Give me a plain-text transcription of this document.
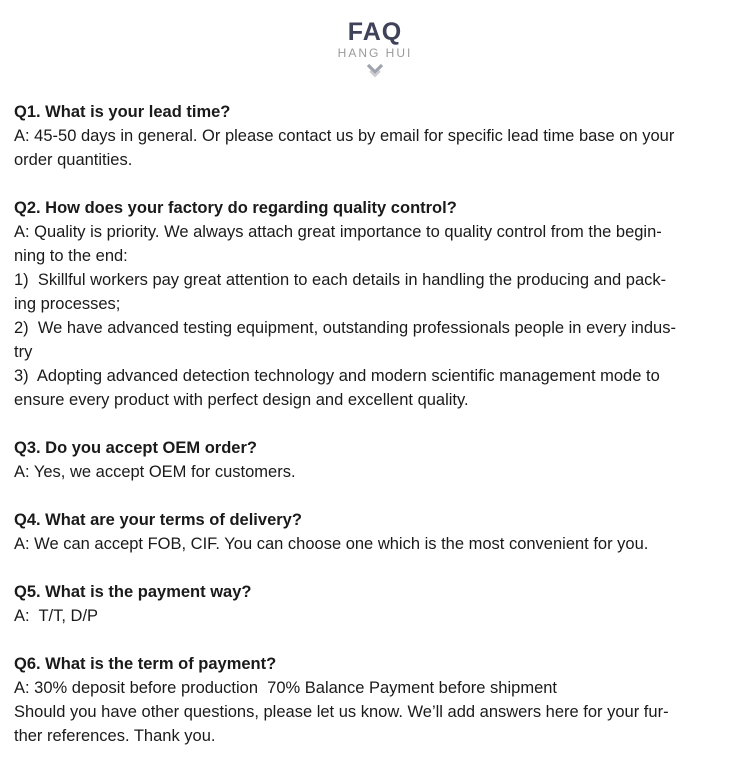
FAQ
HANG HUI

Q1. What is your lead time?

A: 45-50 days in general. Or please contact us by email for specific lead time base on your

order quantities.

Q2. How does your factory do regarding quality control?

A: Quality is priority. We always attach great importance to quality control from the begin-

ning to the end:

1)  Skillful workers pay great attention to each details in handling the producing and pack-

ing processes;

2)  We have advanced testing equipment, outstanding professionals people in every indus-

try

3)  Adopting advanced detection technology and modern scientific management mode to

ensure every product with perfect design and excellent quality.

Q3. Do you accept OEM order?

A: Yes, we accept OEM for customers.

Q4. What are your terms of delivery?

A: We can accept FOB, CIF. You can choose one which is the most convenient for you.

Q5. What is the payment way?

A:  T/T, D/P

Q6. What is the term of payment?

A: 30% deposit before production  70% Balance Payment before shipment

Should you have other questions, please let us know. We’ll add answers here for your fur-

ther references. Thank you.
